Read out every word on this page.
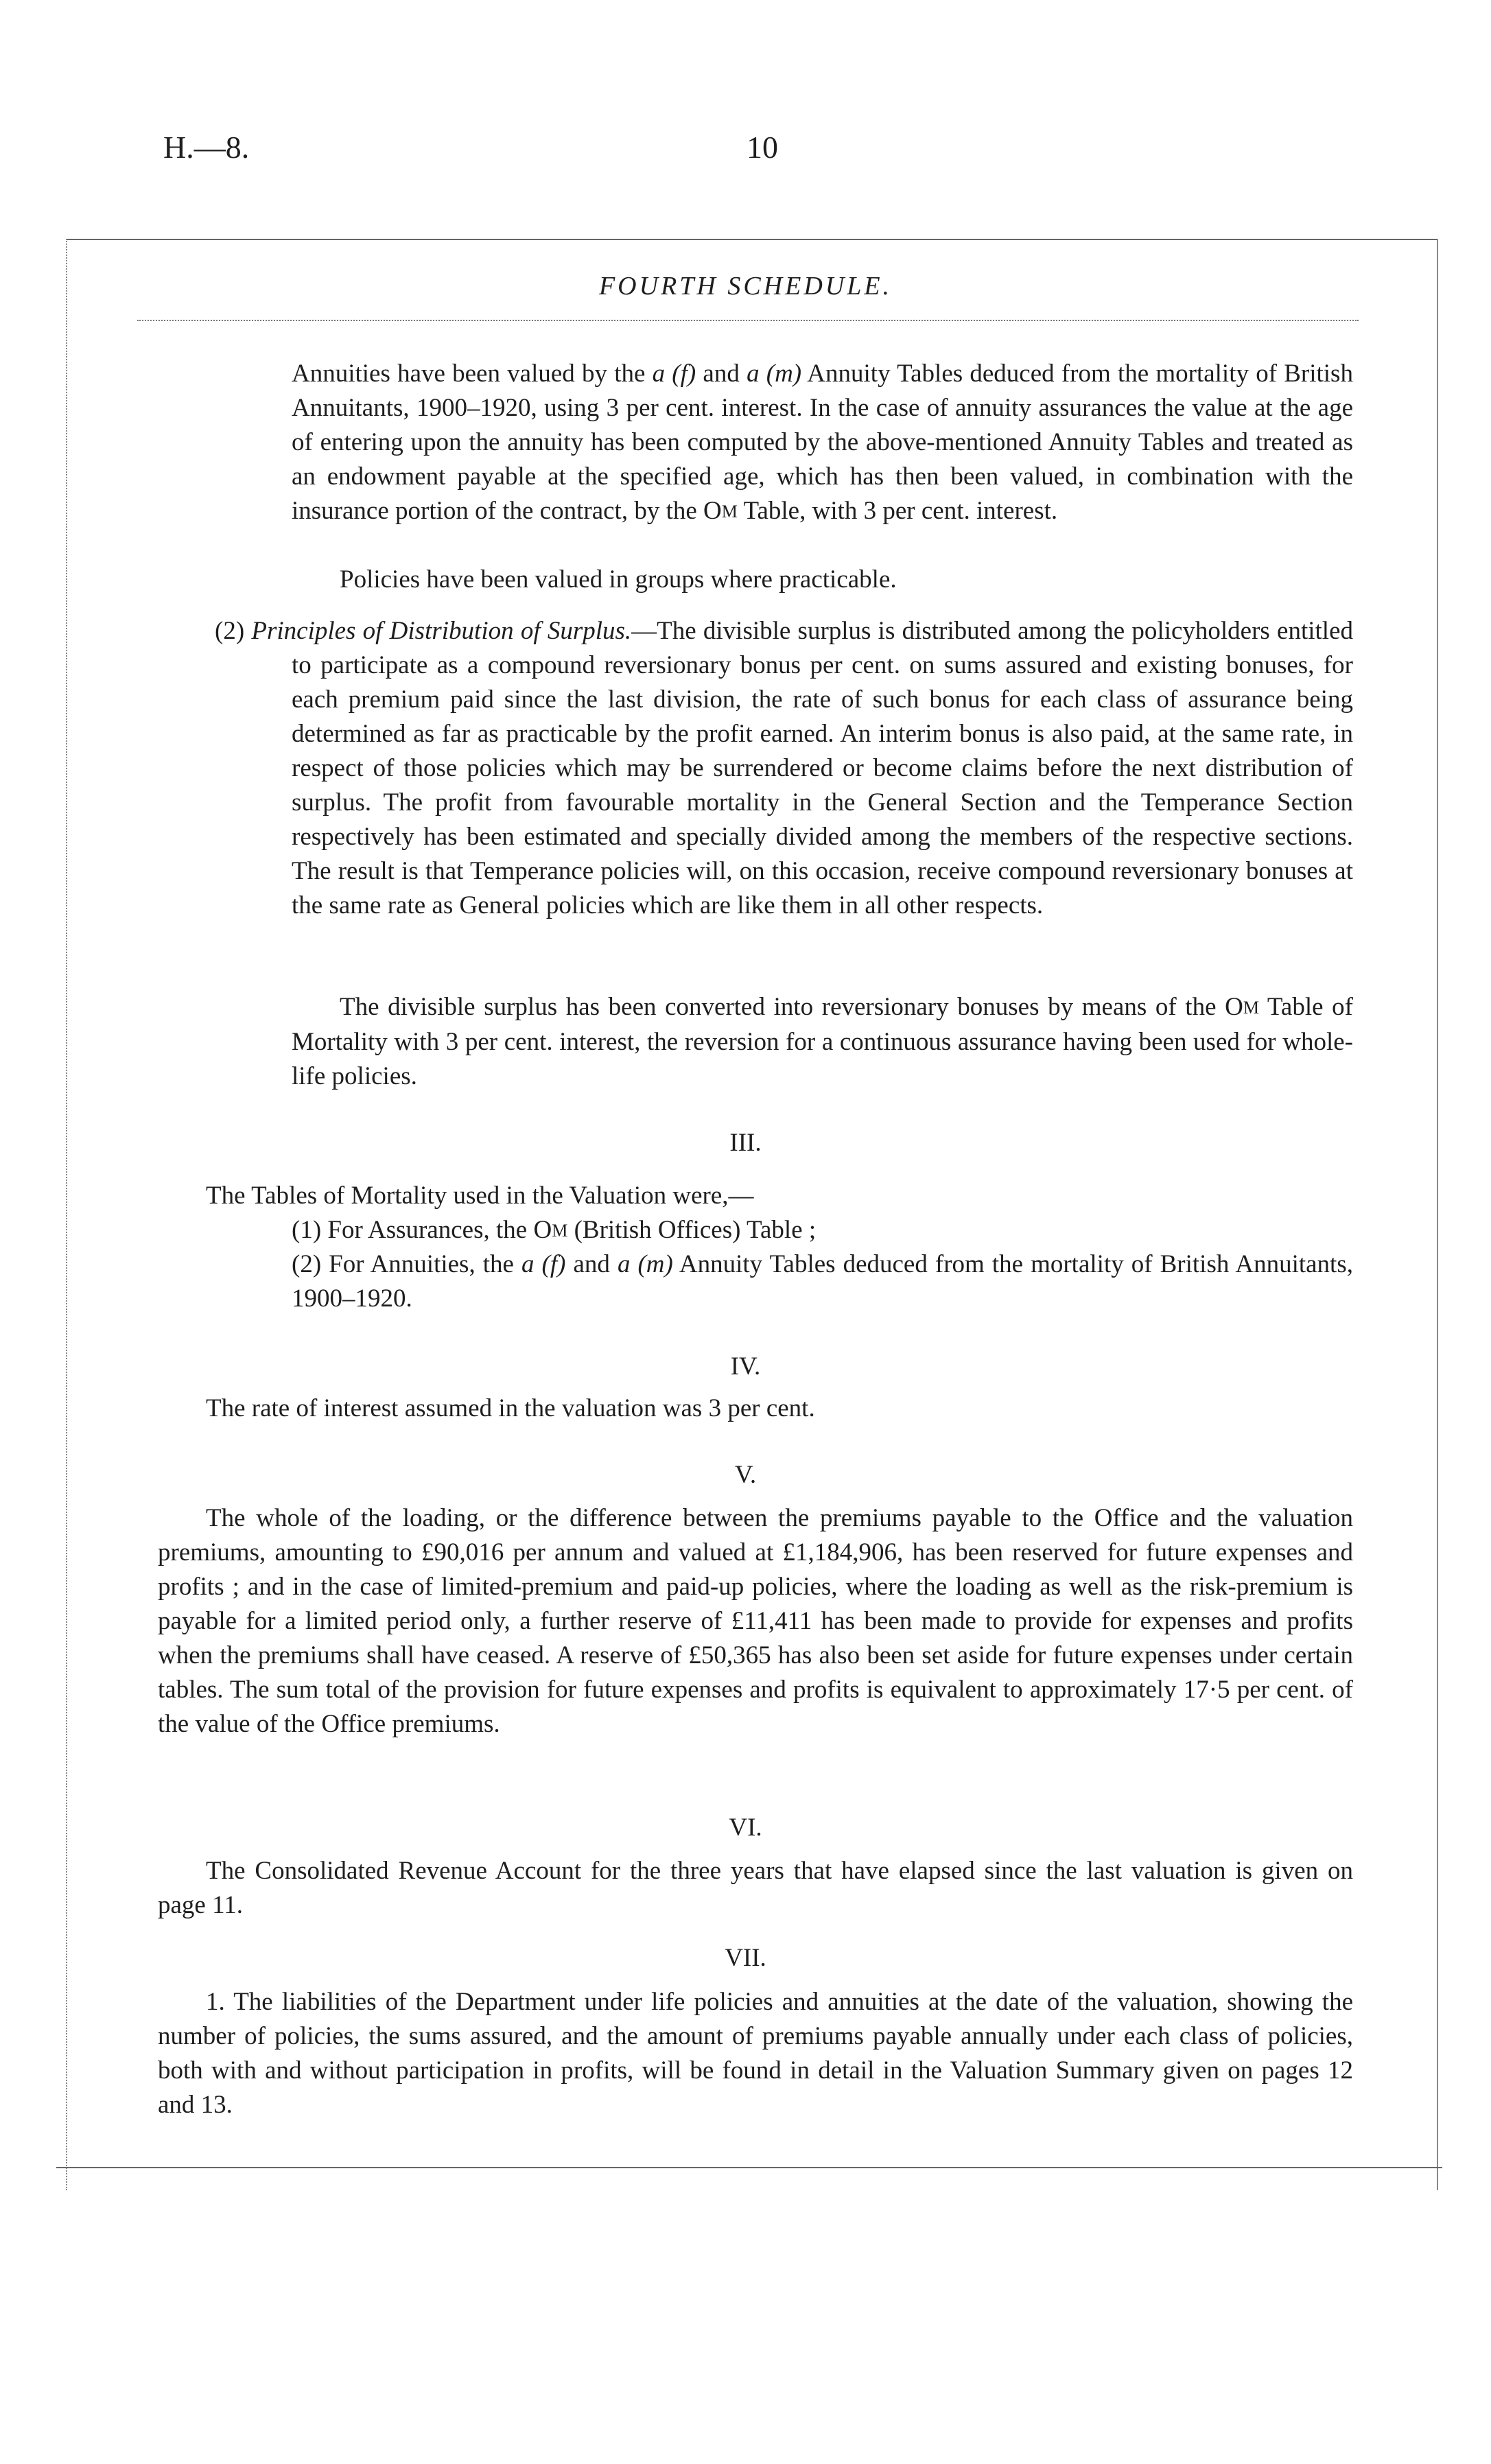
H.—8.	10
FOURTH SCHEDULE.

Annuities have been valued by the a (f) and a (m) Annuity Tables deduced from the mortality of British Annuitants, 1900–1920, using 3 per cent. interest. In the case of annuity assurances the value at the age of entering upon the annuity has been computed by the above-mentioned Annuity Tables and treated as an endowment payable at the specified age, which has then been valued, in combination with the insurance portion of the contract, by the OM Table, with 3 per cent. interest.

Policies have been valued in groups where practicable.

(2) Principles of Distribution of Surplus.—The divisible surplus is distributed among the policyholders entitled to participate as a compound reversionary bonus per cent. on sums assured and existing bonuses, for each premium paid since the last division, the rate of such bonus for each class of assurance being determined as far as practicable by the profit earned. An interim bonus is also paid, at the same rate, in respect of those policies which may be surrendered or become claims before the next distribution of surplus. The profit from favourable mortality in the General Section and the Temperance Section respectively has been estimated and specially divided among the members of the respective sections. The result is that Temperance policies will, on this occasion, receive compound reversionary bonuses at the same rate as General policies which are like them in all other respects.

The divisible surplus has been converted into reversionary bonuses by means of the OM Table of Mortality with 3 per cent. interest, the reversion for a continuous assurance having been used for whole-life policies.

III.

The Tables of Mortality used in the Valuation were,—

(1) For Assurances, the OM (British Offices) Table ;

(2) For Annuities, the a (f) and a (m) Annuity Tables deduced from the mortality of British Annuitants, 1900–1920.

IV.

The rate of interest assumed in the valuation was 3 per cent.

V.

The whole of the loading, or the difference between the premiums payable to the Office and the valuation premiums, amounting to £90,016 per annum and valued at £1,184,906, has been reserved for future expenses and profits ; and in the case of limited-premium and paid-up policies, where the loading as well as the risk-premium is payable for a limited period only, a further reserve of £11,411 has been made to provide for expenses and profits when the premiums shall have ceased. A reserve of £50,365 has also been set aside for future expenses under certain tables. The sum total of the provision for future expenses and profits is equivalent to approximately 17·5 per cent. of the value of the Office premiums.

VI.

The Consolidated Revenue Account for the three years that have elapsed since the last valuation is given on page 11.

VII.

1. The liabilities of the Department under life policies and annuities at the date of the valuation, showing the number of policies, the sums assured, and the amount of premiums payable annually under each class of policies, both with and without participation in profits, will be found in detail in the Valuation Summary given on pages 12 and 13.
